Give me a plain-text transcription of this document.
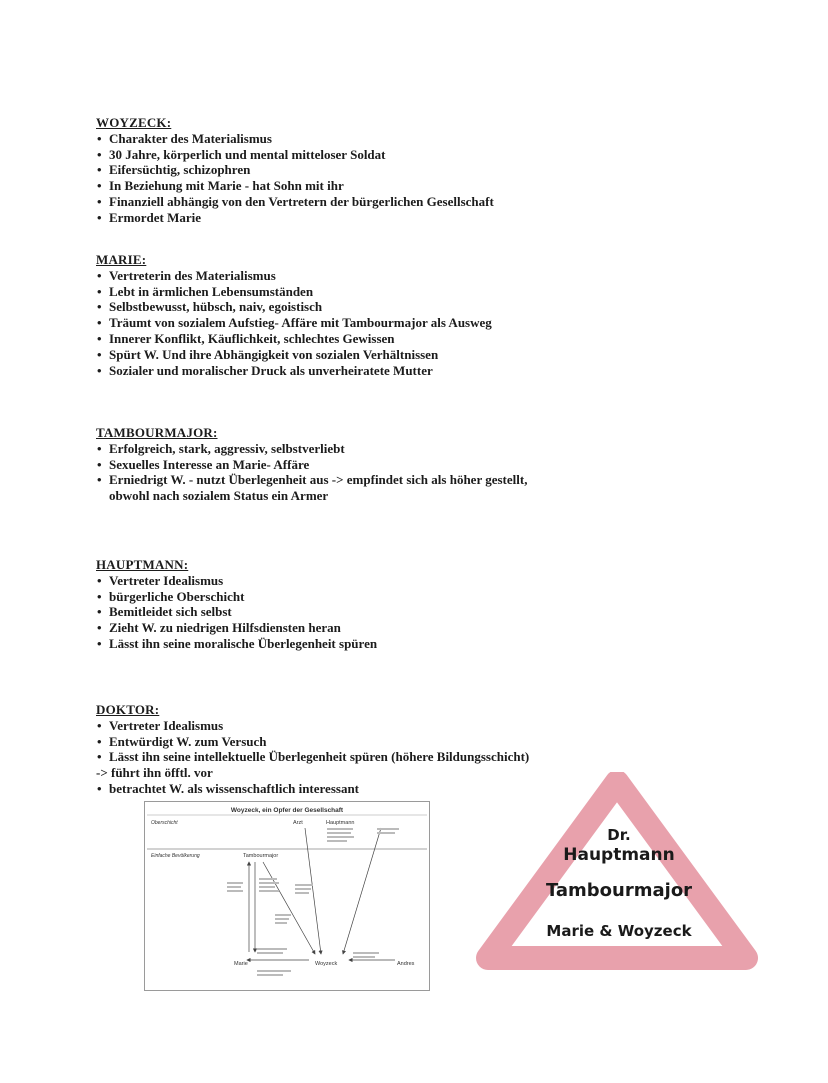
WOYZECK:
• Charakter des Materialismus
• 30 Jahre, körperlich und mental mitteloser Soldat
• Eifersüchtig, schizophren
• In Beziehung mit Marie - hat Sohn mit ihr
• Finanziell abhängig von den Vertretern der bürgerlichen Gesellschaft
• Ermordet Marie
MARIE:
• Vertreterin des Materialismus
• Lebt in ärmlichen Lebensumständen
• Selbstbewusst, hübsch, naiv, egoistisch
• Träumt von sozialem Aufstieg- Affäre mit Tambourmajor als Ausweg
• Innerer Konflikt, Käuflichkeit, schlechtes Gewissen
• Spürt W. Und ihre Abhängigkeit von sozialen Verhältnissen
• Sozialer und moralischer Druck als unverheiratete Mutter
TAMBOURMAJOR:
• Erfolgreich, stark, aggressiv, selbstverliebt
• Sexuelles Interesse an Marie- Affäre
• Erniedrigt W. - nutzt Überlegenheit aus -> empfindet sich als höher gestellt, obwohl nach sozialem Status ein Armer
HAUPTMANN:
• Vertreter Idealismus
• bürgerliche Oberschicht
• Bemitleidet sich selbst
• Zieht W. zu niedrigen Hilfsdiensten heran
• Lässt ihn seine moralische Überlegenheit spüren
DOKTOR:
• Vertreter Idealismus
• Entwürdigt W. zum Versuch
• Lässt ihn seine intellektuelle Überlegenheit spüren (höhere Bildungsschicht)
-> führt ihn öfftl. vor
• betrachtet W. als wissenschaftlich interessant
Woyzeck, ein Opfer der Gesellschaft
Oberschicht	Arzt	Hauptmann
Einfache Bevölkerung	Tambourmajor
Marie	Woyzeck	Andres
Dr.
Hauptmann
Tambourmajor
Marie & Woyzeck
